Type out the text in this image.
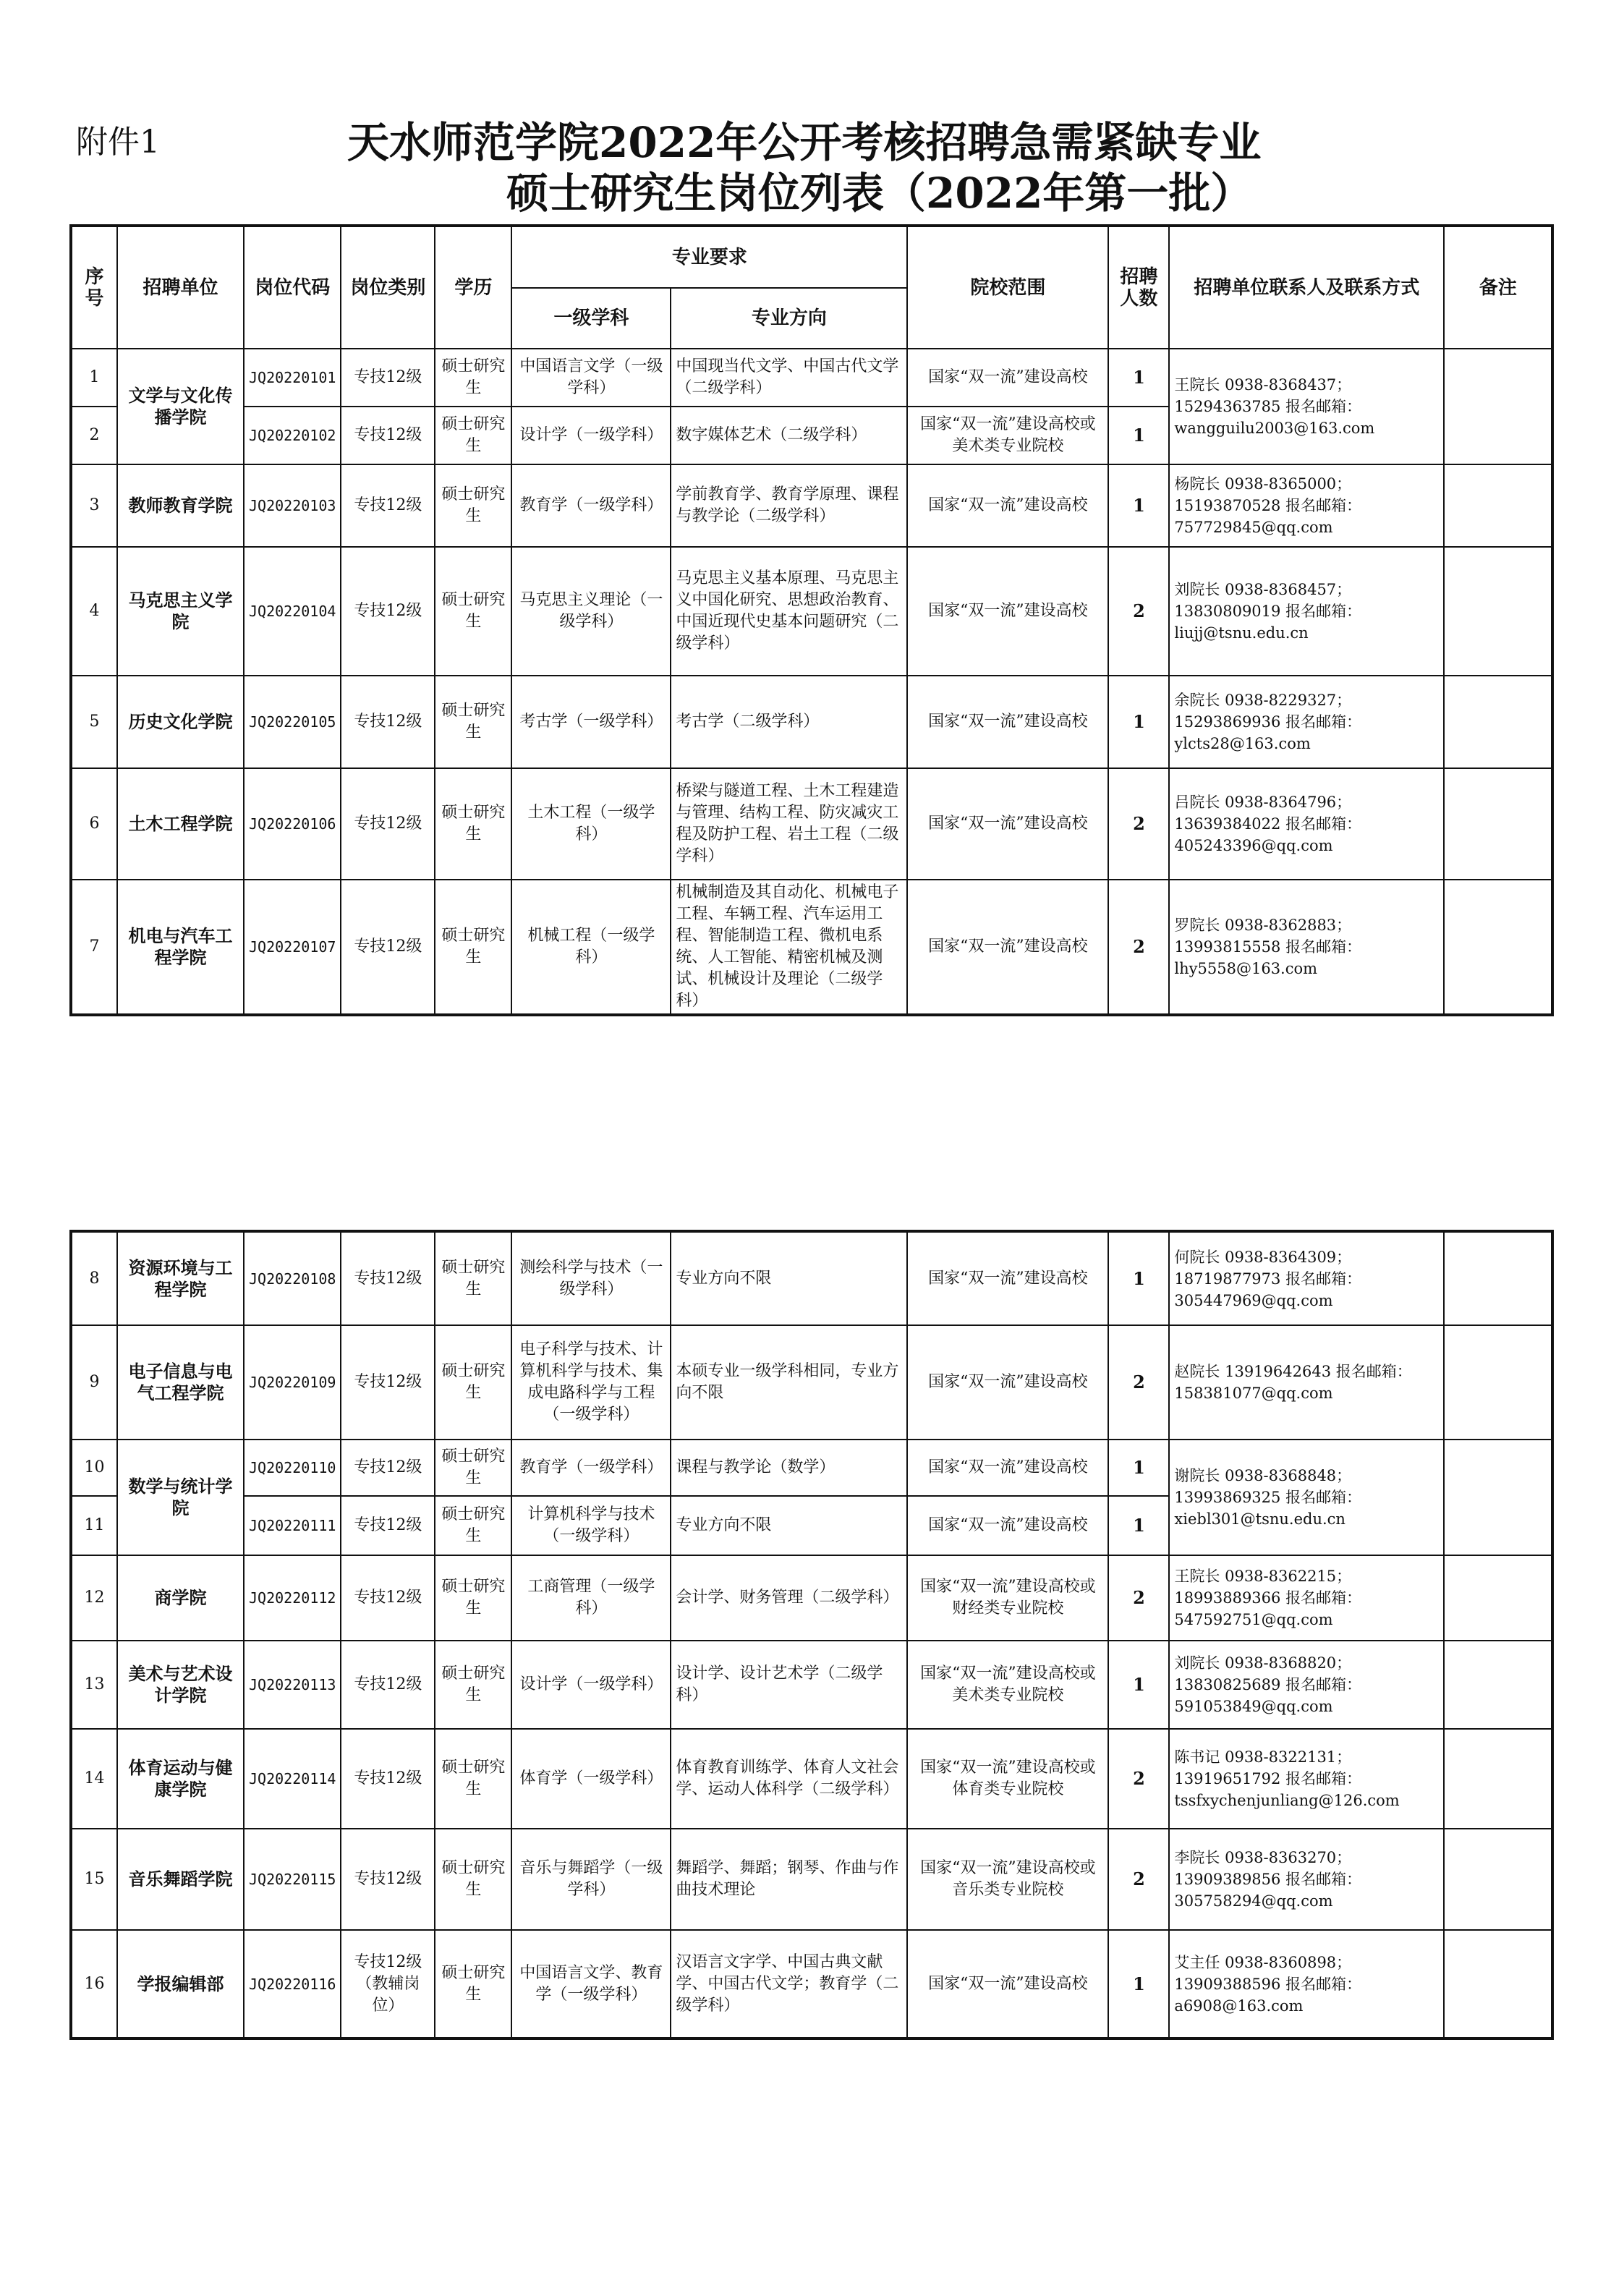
附件1	天水师范学院2022年公开考核招聘急需紧缺专业
硕士研究生岗位列表（2022年第一批）
序号	招聘单位	岗位代码	岗位类别	学历	专业要求		院校范围	招聘人数	招聘单位联系人及联系方式	备注
					一级学科	专业方向				
1	文学与文化传播学院	JQ20220101	专技12级	硕士研究生	中国语言文学（一级学科）	中国现当代文学、中国古代文学（二级学科）	国家“双一流”建设高校	1	王院长 0938-8368437；15294363785 报名邮箱：wangguilu2003@163.com	
2		JQ20220102	专技12级	硕士研究生	设计学（一级学科）	数字媒体艺术（二级学科）	国家“双一流”建设高校或美术类专业院校	1		
3	教师教育学院	JQ20220103	专技12级	硕士研究生	教育学（一级学科）	学前教育学、教育学原理、课程与教学论（二级学科）	国家“双一流”建设高校	1	杨院长 0938-8365000；15193870528 报名邮箱：757729845@qq.com	
4	马克思主义学院	JQ20220104	专技12级	硕士研究生	马克思主义理论（一级学科）	马克思主义基本原理、马克思主义中国化研究、思想政治教育、中国近现代史基本问题研究（二级学科）	国家“双一流”建设高校	2	刘院长 0938-8368457；13830809019 报名邮箱：liujj@tsnu.edu.cn	
5	历史文化学院	JQ20220105	专技12级	硕士研究生	考古学（一级学科）	考古学（二级学科）	国家“双一流”建设高校	1	余院长 0938-8229327；15293869936 报名邮箱：ylcts28@163.com	
6	土木工程学院	JQ20220106	专技12级	硕士研究生	土木工程（一级学科）	桥梁与隧道工程、土木工程建造与管理、结构工程、防灾减灾工程及防护工程、岩土工程（二级学科）	国家“双一流”建设高校	2	吕院长 0938-8364796；13639384022 报名邮箱：405243396@qq.com	
7	机电与汽车工程学院	JQ20220107	专技12级	硕士研究生	机械工程（一级学科）	机械制造及其自动化、机械电子工程、车辆工程、汽车运用工程、智能制造工程、微机电系统、人工智能、精密机械及测试、机械设计及理论（二级学科）	国家“双一流”建设高校	2	罗院长 0938-8362883；13993815558 报名邮箱：lhy5558@163.com	
8	资源环境与工程学院	JQ20220108	专技12级	硕士研究生	测绘科学与技术（一级学科）	专业方向不限	国家“双一流”建设高校	1	何院长 0938-8364309；18719877973 报名邮箱：305447969@qq.com	
9	电子信息与电气工程学院	JQ20220109	专技12级	硕士研究生	电子科学与技术、计算机科学与技术、集成电路科学与工程（一级学科）	本硕专业一级学科相同，专业方向不限	国家“双一流”建设高校	2	赵院长 13919642643 报名邮箱：158381077@qq.com	
10	数学与统计学院	JQ20220110	专技12级	硕士研究生	教育学（一级学科）	课程与教学论（数学）	国家“双一流”建设高校	1	谢院长 0938-8368848；13993869325 报名邮箱： xiebl301@tsnu.edu.cn	
11		JQ20220111	专技12级	硕士研究生	计算机科学与技术（一级学科）	专业方向不限	国家“双一流”建设高校	1		
12	商学院	JQ20220112	专技12级	硕士研究生	工商管理（一级学科）	会计学、财务管理（二级学科）	国家“双一流”建设高校或财经类专业院校	2	王院长 0938-8362215；18993889366 报名邮箱：547592751@qq.com	
13	美术与艺术设计学院	JQ20220113	专技12级	硕士研究生	设计学（一级学科）	设计学、设计艺术学（二级学科）	国家“双一流”建设高校或美术类专业院校	1	刘院长 0938-8368820；13830825689 报名邮箱：591053849@qq.com	
14	体育运动与健康学院	JQ20220114	专技12级	硕士研究生	体育学（一级学科）	体育教育训练学、体育人文社会学、运动人体科学（二级学科）	国家“双一流”建设高校或体育类专业院校	2	陈书记 0938-8322131；13919651792 报名邮箱：tssfxychenjunliang@126.com	
15	音乐舞蹈学院	JQ20220115	专技12级	硕士研究生	音乐与舞蹈学（一级学科）	舞蹈学、舞蹈；钢琴、作曲与作曲技术理论	国家“双一流”建设高校或音乐类专业院校	2	李院长 0938-8363270；13909389856 报名邮箱：305758294@qq.com	
16	学报编辑部	JQ20220116	专技12级（教辅岗位）	硕士研究生	中国语言文学、教育学（一级学科）	汉语言文字学、中国古典文献学、中国古代文学；教育学（二级学科）	国家“双一流”建设高校	1	艾主任 0938-8360898；13909388596 报名邮箱：a6908@163.com	
